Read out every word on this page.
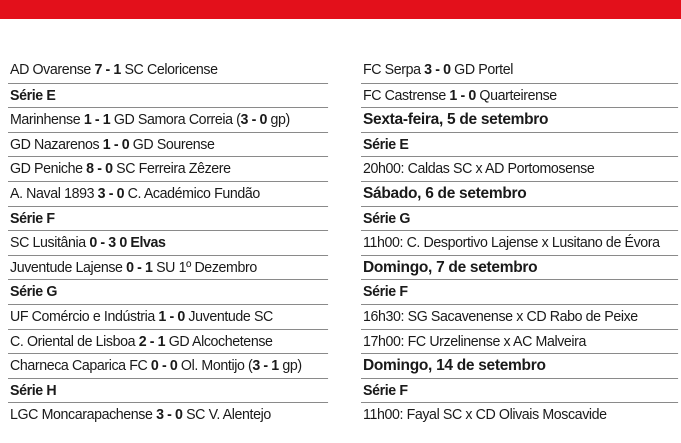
AD Ovarense 7 - 1 SC Celoricense
Série E
Marinhense 1 - 1 GD Samora Correia (3 - 0 gp)
GD Nazarenos 1 - 0 GD Sourense
GD Peniche 8 - 0 SC Ferreira Zêzere
A. Naval 1893 3 - 0 C. Académico Fundão
Série F
SC Lusitânia 0 - 3 0 Elvas
Juventude Lajense 0 - 1 SU 1º Dezembro
Série G
UF Comércio e Indústria 1 - 0 Juventude SC
C. Oriental de Lisboa 2 - 1 GD Alcochetense
Charneca Caparica FC 0 - 0 Ol. Montijo (3 - 1 gp)
Série H
LGC Moncarapachense 3 - 0 SC V. Alentejo
FC Serpa 3 - 0 GD Portel
FC Castrense 1 - 0 Quarteirense
Sexta-feira, 5 de setembro
Série E
20h00: Caldas SC x AD Portomosense
Sábado, 6 de setembro
Série G
11h00: C. Desportivo Lajense x Lusitano de Évora
Domingo, 7 de setembro
Série F
16h30: SG Sacavenense x CD Rabo de Peixe
17h00: FC Urzelinense x AC Malveira
Domingo, 14 de setembro
Série F
11h00: Fayal SC x CD Olivais Moscavide
